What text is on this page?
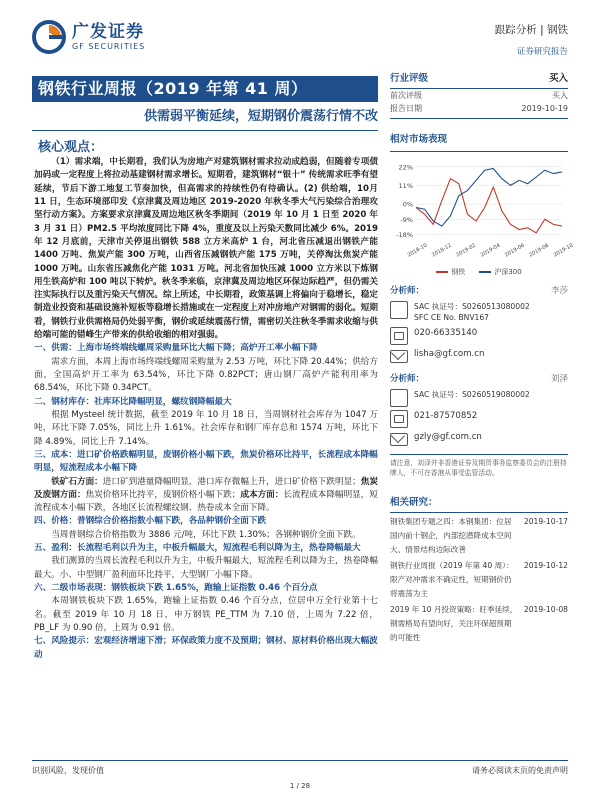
广发证券
GF SECURITIES
跟踪分析 | 钢铁
证券研究报告
钢铁行业周报（2019 年第 41 周）
供需弱平衡延续，短期钢价震荡行情不改
核心观点：

（1）需求端，中长期看，我们认为房地产对建筑钢材需求拉动成趋弱，但随着专项债加码或一定程度上将拉动基建钢材需求增长。短期看，建筑钢材“银十” 传统需求旺季有望延续，节后下游工地复工节奏加快，但高需求的持续性仍有待确认。(2) 供给端，10月 11 日，生态环境部印发《京津冀及周边地区 2019-2020 年秋冬季大气污染综合治理攻坚行动方案》。方案要求京津冀及周边地区秋冬季期间（2019 年 10 月 1 日至 2020 年 3 月 31 日）PM2.5 平均浓度同比下降 4%，重度及以上污染天数同比减少 6%。2019 年 12 月底前，天津市关停退出钢铁 588 立方米高炉 1 台，河北省压减退出钢铁产能 1400 万吨、焦炭产能 300 万吨，山西省压减钢铁产能 175 万吨，关停淘汰焦炭产能 1000 万吨。山东省压减焦化产能 1031 万吨。河北省加快压减 1000 立方米以下炼钢用生铁高炉和 100 吨以下转炉。秋冬季来临，京津冀及周边地区环保边际趋严，但仍需关注实际执行以及重污染天气情况。综上所述，中长期看，政策基调上将偏向于稳增长，稳定制造业投资和基础设施补短板等稳增长措施或在一定程度上对冲房地产对钢需的弱化。短期看，钢铁行业供需格局仍处弱平衡，钢价或延续震荡行情，需密切关注秋冬季需求收缩与供给端可能的错峰生产带来的供给收缩的相对强弱。

一、供需：上海市场终端线螺周采购量环比大幅下降；高炉开工率小幅下降

需求方面，本周上海市场终端线螺周采购量为 2.53 万吨，环比下降 20.44%；供给方面，全国高炉开工率为 63.54%，环比下降 0.82PCT；唐山钢厂高炉产能利用率为 68.54%，环比下降 0.34PCT。

二、钢材库存：社库环比降幅明显，螺纹钢降幅最大

根据 Mysteel 统计数据，截至 2019 年 10 月 18 日，当周钢材社会库存为 1047 万吨，环比下降 7.05%，同比上升 1.61%。社会库存和钢厂库存总和 1574 万吨，环比下降 4.89%，同比上升 7.14%。

三、成本：进口矿价格跌幅明显，废钢价格小幅下跌，焦炭价格环比持平，长流程成本降幅明显，短流程成本小幅下降

铁矿石方面：进口矿到港量降幅明显，港口库存微幅上升，进口矿价格下跌明显；焦炭及废钢方面：焦炭价格环比持平，废钢价格小幅下跌；成本方面：长流程成本降幅明显，短流程成本小幅下跌，各地区长流程螺纹钢、热卷成本全面下降。

四、价格：普钢综合价格指数小幅下跌，各品种钢价全面下跌

当周普钢综合价格指数为 3886 元/吨，环比下跌 1.30%；各钢种钢价全面下跌。

五、盈利：长流程毛利以升为主，中板升幅最大，短流程毛利以降为主，热卷降幅最大

我们测算的当周长流程毛利以升为主，中板升幅最大，短流程毛利以降为主，热卷降幅最大。小、中型钢厂盈利面环比持平，大型钢厂小幅下降。

六、二级市场表现：钢铁板块下跌 1.65%，跑输上证指数 0.46 个百分点

本周钢铁板块下跌 1.65%，跑输上证指数 0.46 个百分点，位居申万全行业第十七名。截至 2019 年 10 月 18 日，申万钢铁 PE_TTM 为 7.10 倍，上周为 7.22 倍，PB_LF 为 0.90 倍，上周为 0.91 倍。

七、风险提示：宏观经济增速下滑；环保政策力度不及预期；钢材、原材料价格出现大幅波动

行业评级	买入
前次评级	买入
报告日期	2019-10-19
相对市场表现
22%
11%
0%
-9%
-18%
2018-10 2018-12 2019-02 2019-04 2019-06 2019-08 2019-10
钢铁	沪深300
分析师：	李莎
SAC 执证号：S0260513080002
SFC CE No. BNV167
020-66335140
lisha@gf.com.cn
分析师：	刘泽
SAC 执证号：S0260519080002
021-87570852
gzly@gf.com.cn
请注意，刘泽并非香港证券及期货事务监察委员会的注册持牌人，不可在香港从事受监管活动。
相关研究：
钢铁集团专题之四：本钢集团：位居国内前十钢企，内部挖潜降成本空间大、情景结构边际改善
2019-10-17
钢铁行业周报（2019 年第 40 周）：限产对冲需求不确定性，短期钢价仍将震荡为主
2019-10-12
2019 年 10 月投资策略：旺季延续，钢需格局有望向好，关注环保超预期的可能性
2019-10-08
识别风险，发现价值	请务必阅读末页的免责声明
1 / 28
